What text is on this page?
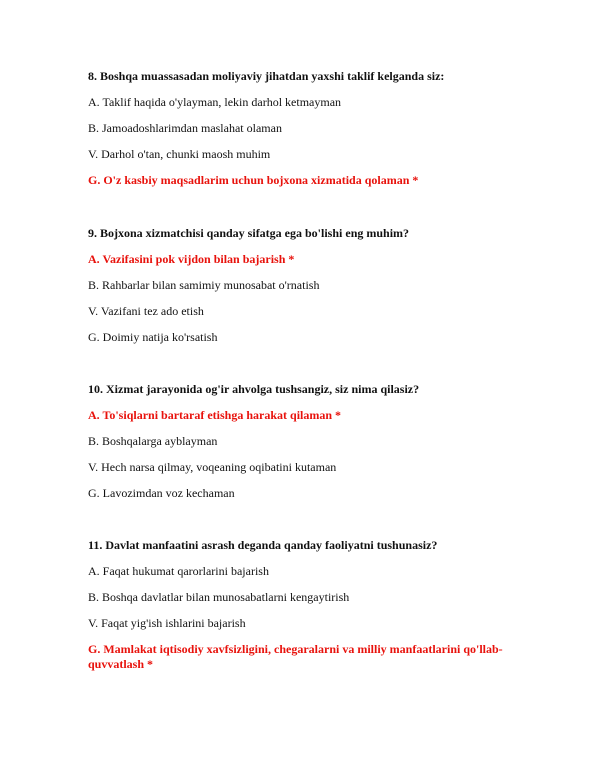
8. Boshqa muassasadan moliyaviy jihatdan yaxshi taklif kelganda siz:

A. Taklif haqida o'ylayman, lekin darhol ketmayman

B. Jamoadoshlarimdan maslahat olaman

V. Darhol o'tan, chunki maosh muhim

G. O'z kasbiy maqsadlarim uchun bojxona xizmatida qolaman *

9. Bojxona xizmatchisi qanday sifatga ega bo'lishi eng muhim?

A. Vazifasini pok vijdon bilan bajarish *

B. Rahbarlar bilan samimiy munosabat o'rnatish

V. Vazifani tez ado etish

G. Doimiy natija ko'rsatish

10. Xizmat jarayonida og'ir ahvolga tushsangiz, siz nima qilasiz?

A. To'siqlarni bartaraf etishga harakat qilaman *

B. Boshqalarga ayblayman

V. Hech narsa qilmay, voqeaning oqibatini kutaman

G. Lavozimdan voz kechaman

11. Davlat manfaatini asrash deganda qanday faoliyatni tushunasiz?

A. Faqat hukumat qarorlarini bajarish

B. Boshqa davlatlar bilan munosabatlarni kengaytirish

V. Faqat yig'ish ishlarini bajarish

G. Mamlakat iqtisodiy xavfsizligini, chegaralarni va milliy manfaatlarini qo'llab-quvvatlash *
